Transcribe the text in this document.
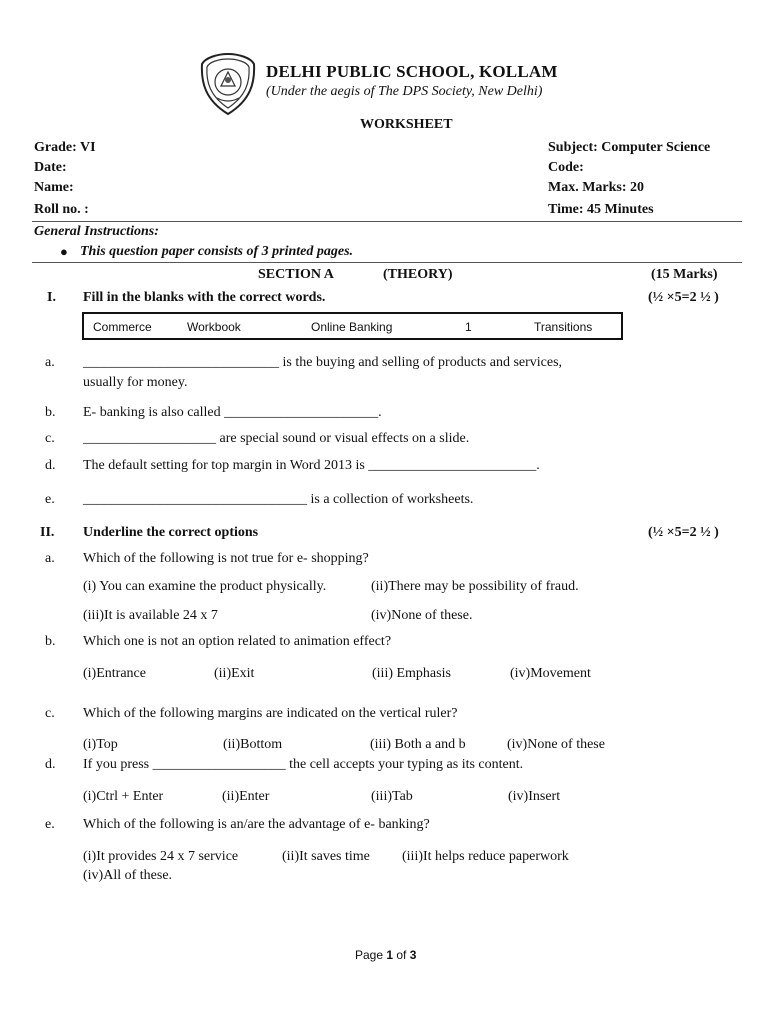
DELHI PUBLIC SCHOOL, KOLLAM
(Under the aegis of The DPS Society, New Delhi)
WORKSHEET
Grade: VI
Date:
Name:
Roll no. :
Subject: Computer Science
Code:
Max. Marks: 20
Time: 45 Minutes
General Instructions:
● This question paper consists of 3 printed pages.
SECTION A	(THEORY)	(15 Marks)
I. Fill in the blanks with the correct words.	(½ ×5=2 ½ )
Commerce	Workbook	Online Banking	1	Transitions
a. ____________________________ is the buying and selling of products and services,
usually for money.
b. E- banking is also called ______________________.
c. ___________________ are special sound or visual effects on a slide.
d. The default setting for top margin in Word 2013 is ________________________.
e. ________________________________ is a collection of worksheets.
II. Underline the correct options	(½ ×5=2 ½ )
a. Which of the following is not true for e- shopping?
(i) You can examine the product physically.	(ii)There may be possibility of fraud.
(iii)It is available 24 x 7	(iv)None of these.
b. Which one is not an option related to animation effect?
(i)Entrance	(ii)Exit	(iii) Emphasis	(iv)Movement
c. Which of the following margins are indicated on the vertical ruler?
(i)Top	(ii)Bottom	(iii) Both a and b	(iv)None of these
d. If you press ___________________ the cell accepts your typing as its content.
(i)Ctrl + Enter	(ii)Enter	(iii)Tab	(iv)Insert
e. Which of the following is an/are the advantage of e- banking?
(i)It provides 24 x 7 service	(ii)It saves time (iii)It helps reduce paperwork
(iv)All of these.
Page 1 of 3
